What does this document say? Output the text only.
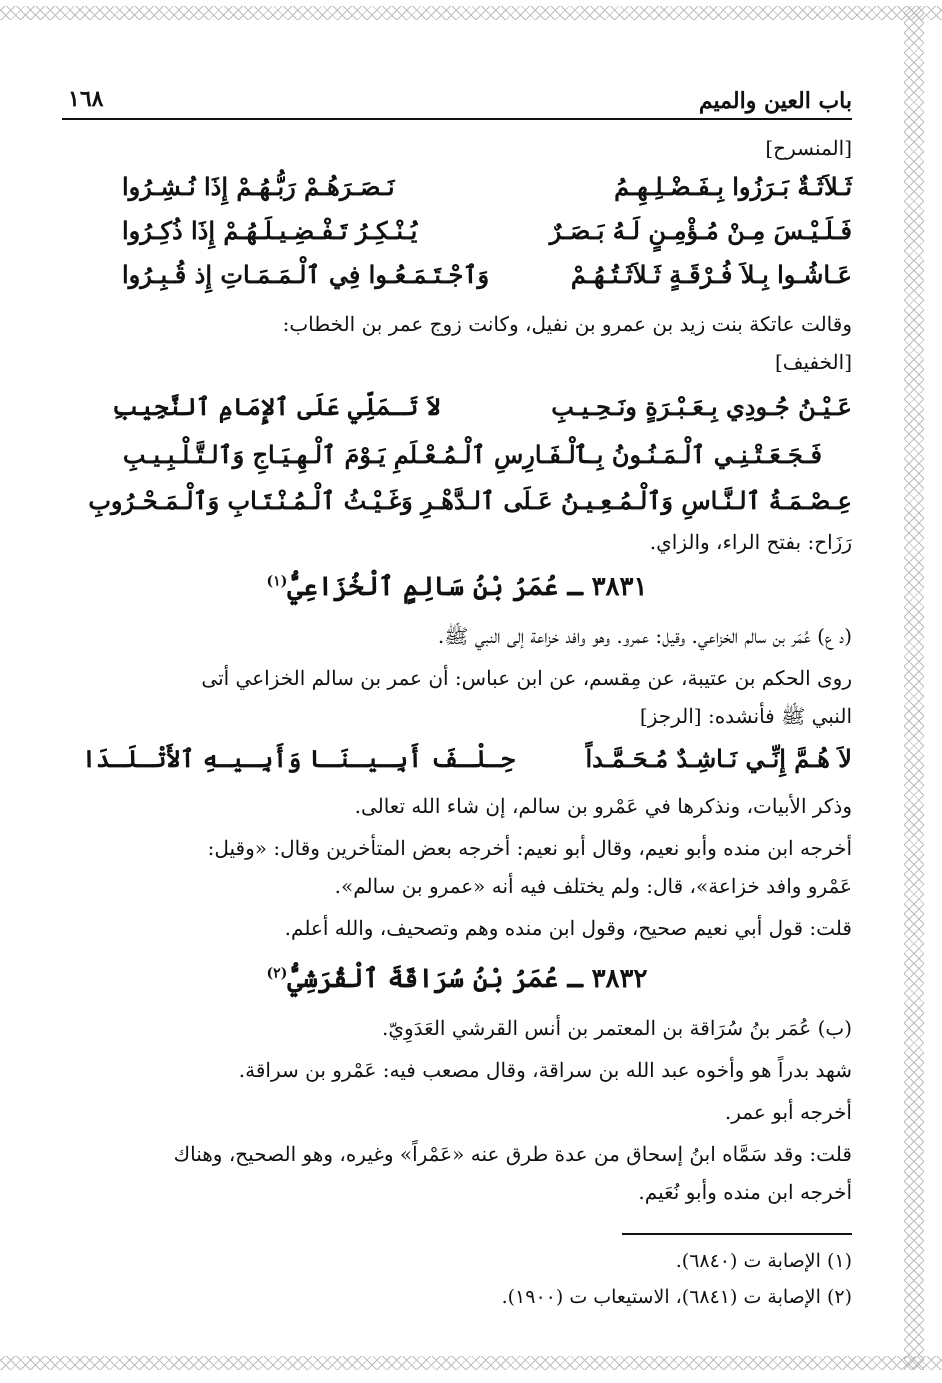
باب العين والميم
١٦٨
[المنسرح]
ثَـلاَثَـةٌ بَـرَزُوا بِـفَـضْـلِـهِـمُ
نَـصَـرَهُـمْ رَبُّـهُـمْ إِذَا نُـشِـرُوا
فَـلَـيْـسَ مِـنْ مُـؤْمِـنٍ لَـهُ بَـصَـرٌ
يُـنْـكِـرُ تَـفْـضِـيـلَـهُـمْ إِذَا ذُكِـرُوا
عَـاشُـوا بِـلاَ فُـرْقَـةٍ ثَـلاَثَـتُـهُـمْ
وَٱجْـتَـمَـعُـوا فِي ٱلْـمَـمَـاتِ إِذ قُـبِـرُوا
وقالت عاتكة بنت زيد بن عمرو بن نفيل، وكانت زوج عمر بن الخطاب:
[الخفيف]
عَـيْـنُ جُـودِي بِـعَـبْـرَةٍ ونَـحِـيـبِ
لاَ تَـمَلِّي عَلَى ٱلإِمَامِ ٱلنَّجِيبِ
فَـجَـعَـتْـنِـي ٱلْـمَـنُـونُ بِـٱلْـفَـارِسِ ٱلْـمُـعْـلَمِ يَـوْمَ ٱلْـهِـيَـاجِ وَٱلـتَّـلْـبِـيـبِ
عِـصْـمَـةُ ٱلـنَّـاسِ وَٱلْـمُـعِـيـنُ عَـلَى ٱلـدَّهْـرِ وَغَـيْـثُ ٱلْـمُـنْـتَـابِ وَٱلْـمَـحْـرُوبِ
رَزَاح: بفتح الراء، والزاي.
٣٨٣١ ـ عُمَرُ بْنُ سَالِمٍ ٱلْخُزَاعِيُّ$^{(١)}$
(د ع) عُمَر بن سالم الخزاعي. وقيل: عمرو. وهو وافد خزاعة إلى النبي ﷺ.
روى الحكم بن عتيبة، عن مِقسم، عن ابن عباس: أن عمر بن سالم الخزاعي أتى
النبي ﷺ فأنشده: [الرجز]
لاَ هُـمَّ إِنِّـي نَـاشِـدٌ مُـحَـمَّـداً
حِـلْـفَ أَبِـيـنَـا وَأَبِـيـهِ ٱلأَتْـلَـدَا
وذكر الأبيات، ونذكرها في عَمْرو بن سالم، إن شاء الله تعالى.
أخرجه ابن منده وأبو نعيم، وقال أبو نعيم: أخرجه بعض المتأخرين وقال: «وقيل:
عَمْرو وافد خزاعة»، قال: ولم يختلف فيه أنه «عمرو بن سالم».
قلت: قول أبي نعيم صحيح، وقول ابن منده وهم وتصحيف، والله أعلم.
٣٨٣٢ ـ عُمَرُ بْنُ سُرَاقَةَ ٱلْقُرَشِيُّ$^{(٢)}$
(ب) عُمَر بنُ سُرَاقة بن المعتمر بن أنس القرشي العَدَوِيّ.
شهد بدراً هو وأخوه عبد الله بن سراقة، وقال مصعب فيه: عَمْرو بن سراقة.
أخرجه أبو عمر.
قلت: وقد سَمَّاه ابنُ إسحاق من عدة طرق عنه «عَمْراً» وغيره، وهو الصحيح، وهناك
أخرجه ابن منده وأبو نُعَيم.
(١) الإصابة ت (٦٨٤٠).
(٢) الإصابة ت (٦٨٤١)، الاستيعاب ت (١٩٠٠).
